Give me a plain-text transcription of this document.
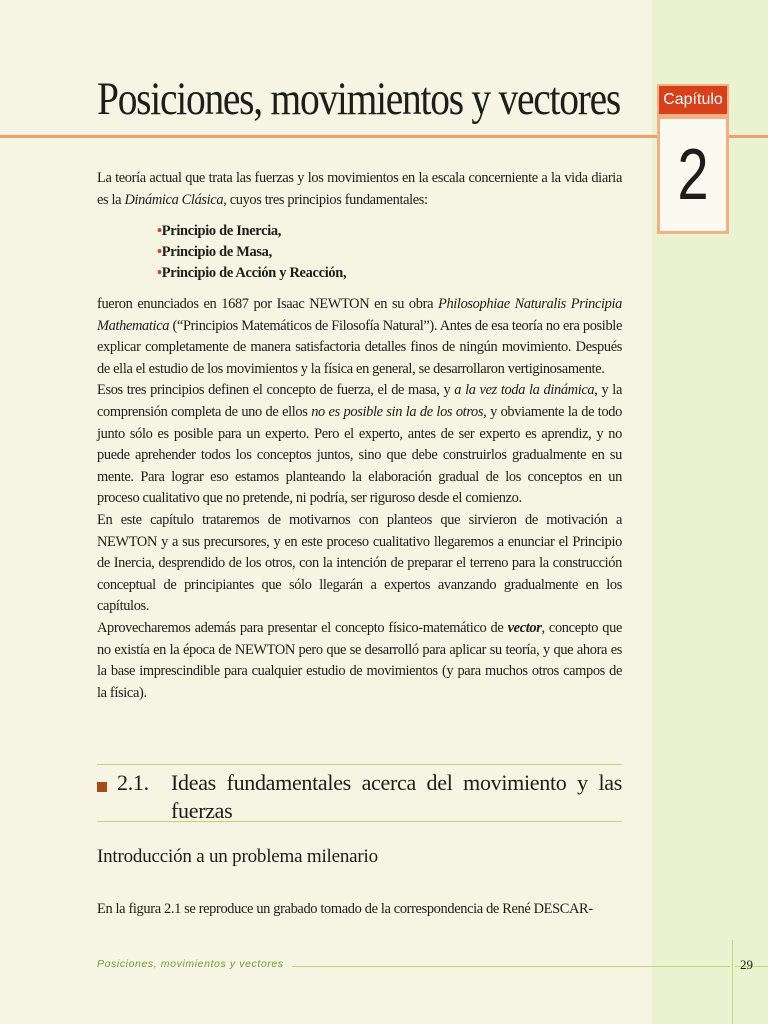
Posiciones, movimientos y vectores	Capítulo
2

La teoría actual que trata las fuerzas y los movimientos en la escala concerniente a la vida diaria es la Dinámica Clásica, cuyos tres principios fundamentales:

•Principio de Inercia,
•Principio de Masa,
•Principio de Acción y Reacción,

fueron enunciados en 1687 por Isaac NEWTON en su obra Philosophiae Naturalis Principia Mathematica (“Principios Matemáticos de Filosofía Natural”). Antes de esa teoría no era posible explicar completamente de manera satisfactoria detalles finos de ningún movimiento. Después de ella el estudio de los movimientos y la física en general, se desarrollaron vertiginosamente.

Esos tres principios definen el concepto de fuerza, el de masa, y a la vez toda la dinámica, y la comprensión completa de uno de ellos no es posible sin la de los otros, y obviamente la de todo junto sólo es posible para un experto. Pero el experto, antes de ser experto es aprendiz, y no puede aprehender todos los conceptos juntos, sino que debe construirlos gradualmente en su mente. Para lograr eso estamos planteando la elaboración gradual de los conceptos en un proceso cualitativo que no pretende, ni podría, ser riguroso desde el comienzo.

En este capítulo trataremos de motivarnos con planteos que sirvieron de motivación a NEWTON y a sus precursores, y en este proceso cualitativo llegaremos a enunciar el Principio de Inercia, desprendido de los otros, con la intención de preparar el terreno para la construcción conceptual de principiantes que sólo llegarán a expertos avanzando gradualmente en los capítulos.

Aprovecharemos además para presentar el concepto físico-matemático de vector, concepto que no existía en la época de NEWTON pero que se desarrolló para aplicar su teoría, y que ahora es la base imprescindible para cualquier estudio de movimientos (y para muchos otros campos de la física).

2.1. Ideas fundamentales acerca del movimiento y las fuerzas
Introducción a un problema milenario

En la figura 2.1 se reproduce un grabado tomado de la correspondencia de René DESCAR-

Posiciones, movimientos y vectores	29
